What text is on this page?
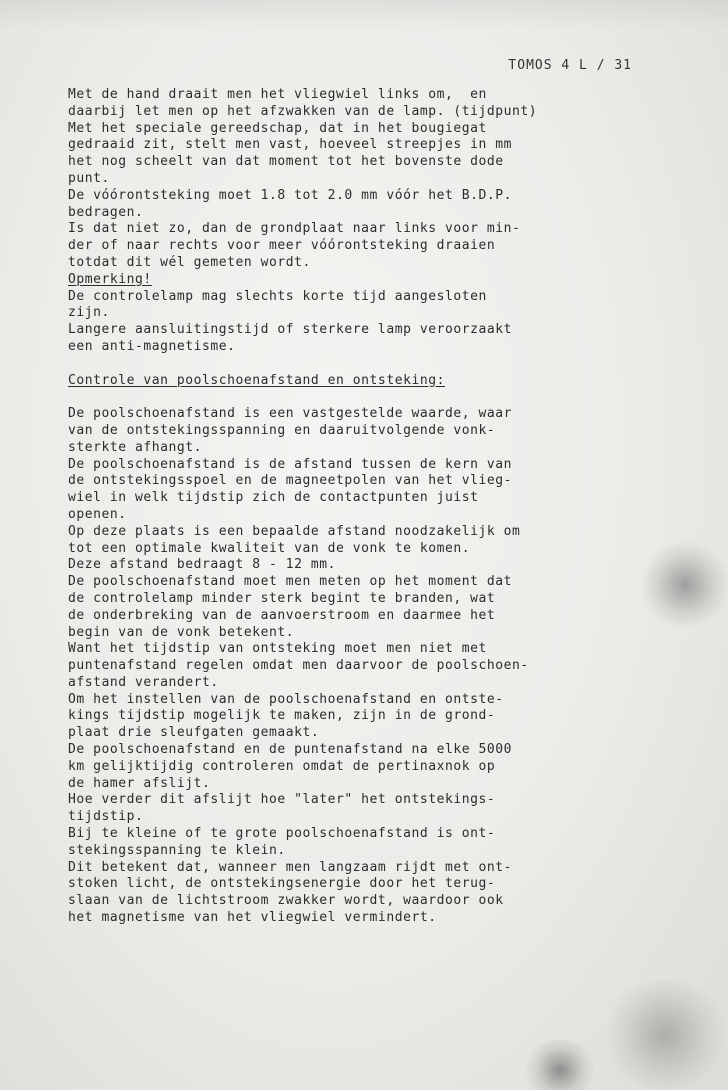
TOMOS 4 L / 31
Met de hand draait men het vliegwiel links om,  en
daarbij let men op het afzwakken van de lamp. (tijdpunt)
Met het speciale gereedschap, dat in het bougiegat
gedraaid zit, stelt men vast, hoeveel streepjes in mm
het nog scheelt van dat moment tot het bovenste dode
punt.
De vóórontsteking moet 1.8 tot 2.0 mm vóór het B.D.P.
bedragen.
Is dat niet zo, dan de grondplaat naar links voor min-
der of naar rechts voor meer vóórontsteking draaien
totdat dit wél gemeten wordt.
Opmerking!
De controlelamp mag slechts korte tijd aangesloten
zijn.
Langere aansluitingstijd of sterkere lamp veroorzaakt
een anti-magnetisme.
Controle van poolschoenafstand en ontsteking:
De poolschoenafstand is een vastgestelde waarde, waar
van de ontstekingsspanning en daaruitvolgende vonk-
sterkte afhangt.
De poolschoenafstand is de afstand tussen de kern van
de ontstekingsspoel en de magneetpolen van het vlieg-
wiel in welk tijdstip zich de contactpunten juist
openen.
Op deze plaats is een bepaalde afstand noodzakelijk om
tot een optimale kwaliteit van de vonk te komen.
Deze afstand bedraagt 8 - 12 mm.
De poolschoenafstand moet men meten op het moment dat
de controlelamp minder sterk begint te branden, wat
de onderbreking van de aanvoerstroom en daarmee het
begin van de vonk betekent.
Want het tijdstip van ontsteking moet men niet met
puntenafstand regelen omdat men daarvoor de poolschoen-
afstand verandert.
Om het instellen van de poolschoenafstand en ontste-
kings tijdstip mogelijk te maken, zijn in de grond-
plaat drie sleufgaten gemaakt.
De poolschoenafstand en de puntenafstand na elke 5000
km gelijktijdig controleren omdat de pertinaxnok op
de hamer afslijt.
Hoe verder dit afslijt hoe "later" het ontstekings-
tijdstip.
Bij te kleine of te grote poolschoenafstand is ont-
stekingsspanning te klein.
Dit betekent dat, wanneer men langzaam rijdt met ont-
stoken licht, de ontstekingsenergie door het terug-
slaan van de lichtstroom zwakker wordt, waardoor ook
het magnetisme van het vliegwiel vermindert.
